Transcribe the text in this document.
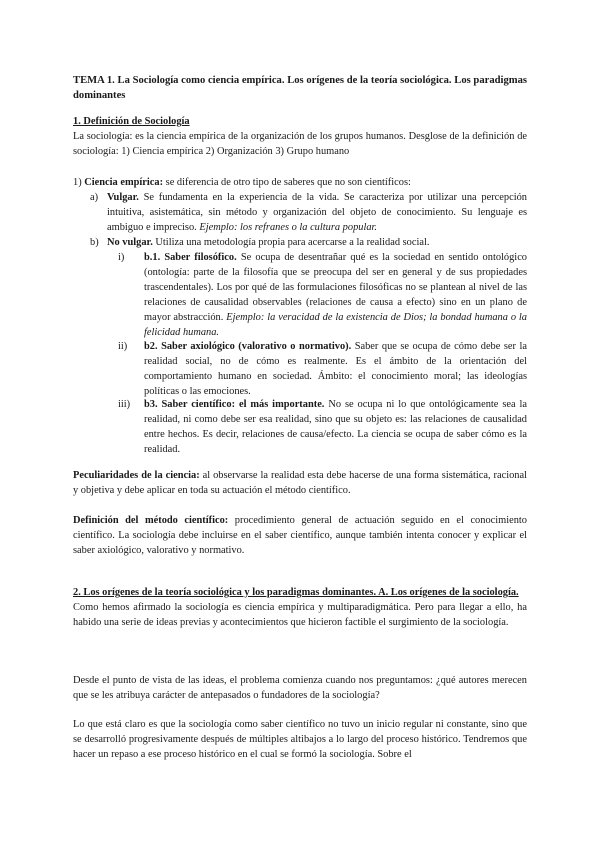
TEMA 1. La Sociología como ciencia empírica. Los orígenes de la teoría sociológica. Los paradigmas dominantes

1. Definición de Sociología

La sociología: es la ciencia empírica de la organización de los grupos humanos. Desglose de la definición de sociología: 1) Ciencia empírica 2) Organización 3) Grupo humano

1) Ciencia empírica: se diferencia de otro tipo de saberes que no son científicos:

a) Vulgar. Se fundamenta en la experiencia de la vida. Se caracteriza por utilizar una percepción intuitiva, asistemática, sin método y organización del objeto de conocimiento. Su lenguaje es ambiguo e impreciso. Ejemplo: los refranes o la cultura popular.

b) No vulgar. Utiliza una metodología propia para acercarse a la realidad social.

i) b.1. Saber filosófico. Se ocupa de desentrañar qué es la sociedad en sentido ontológico (ontología: parte de la filosofía que se preocupa del ser en general y de sus propiedades trascendentales). Los por qué de las formulaciones filosóficas no se plantean al nivel de las relaciones de causalidad observables (relaciones de causa a efecto) sino en un plano de mayor abstracción. Ejemplo: la veracidad de la existencia de Dios; la bondad humana o la felicidad humana.

ii) b2. Saber axiológico (valorativo o normativo). Saber que se ocupa de cómo debe ser la realidad social, no de cómo es realmente. Es el ámbito de la orientación del comportamiento humano en sociedad. Ámbito: el conocimiento moral; las ideologías políticas o las emociones.

iii) b3. Saber científico: el más importante. No se ocupa ni lo que ontológicamente sea la realidad, ni como debe ser esa realidad, sino que su objeto es: las relaciones de causalidad entre hechos. Es decir, relaciones de causa/efecto. La ciencia se ocupa de saber cómo es la realidad.

Peculiaridades de la ciencia: al observarse la realidad esta debe hacerse de una forma sistemática, racional y objetiva y debe aplicar en toda su actuación el método científico.

Definición del método científico: procedimiento general de actuación seguido en el conocimiento científico. La sociología debe incluirse en el saber científico, aunque también intenta conocer y explicar el saber axiológico, valorativo y normativo.

2. Los orígenes de la teoría sociológica y los paradigmas dominantes. A. Los orígenes de la sociología.

Como hemos afirmado la sociología es ciencia empírica y multiparadigmática. Pero para llegar a ello, ha habido una serie de ideas previas y acontecimientos que hicieron factible el surgimiento de la sociología.

Desde el punto de vista de las ideas, el problema comienza cuando nos preguntamos: ¿qué autores merecen que se les atribuya carácter de antepasados o fundadores de la sociología?

Lo que está claro es que la sociología como saber científico no tuvo un inicio regular ni constante, sino que se desarrolló progresivamente después de múltiples altibajos a lo largo del proceso histórico. Tendremos que hacer un repaso a ese proceso histórico en el cual se formó la sociología. Sobre el
